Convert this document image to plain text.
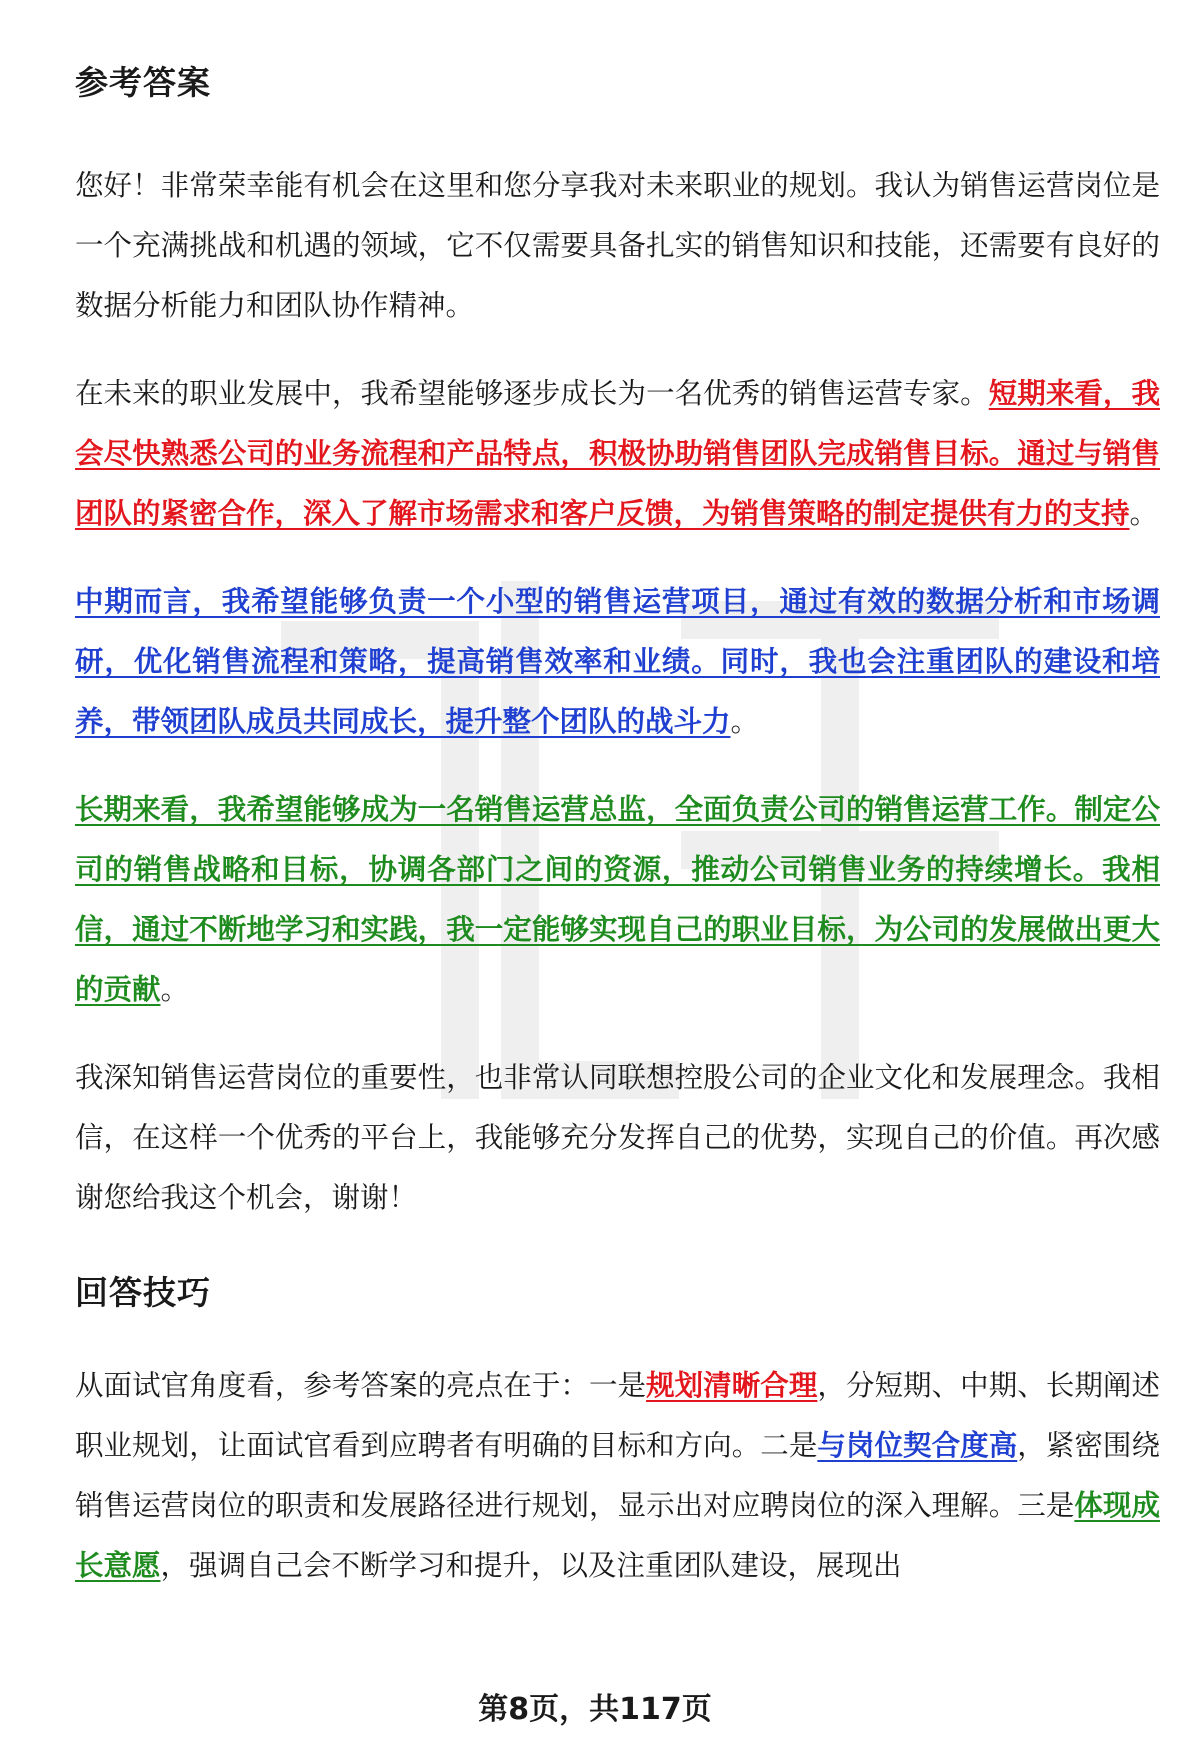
参考答案

您好！非常荣幸能有机会在这里和您分享我对未来职业的规划。我认为销售运营岗位是一个充满挑战和机遇的领域，它不仅需要具备扎实的销售知识和技能，还需要有良好的数据分析能力和团队协作精神。

在未来的职业发展中，我希望能够逐步成长为一名优秀的销售运营专家。短期来看，我会尽快熟悉公司的业务流程和产品特点，积极协助销售团队完成销售目标。通过与销售团队的紧密合作，深入了解市场需求和客户反馈，为销售策略的制定提供有力的支持。

中期而言，我希望能够负责一个小型的销售运营项目，通过有效的数据分析和市场调研，优化销售流程和策略，提高销售效率和业绩。同时，我也会注重团队的建设和培养，带领团队成员共同成长，提升整个团队的战斗力。

长期来看，我希望能够成为一名销售运营总监，全面负责公司的销售运营工作。制定公司的销售战略和目标，协调各部门之间的资源，推动公司销售业务的持续增长。我相信，通过不断地学习和实践，我一定能够实现自己的职业目标，为公司的发展做出更大的贡献。

我深知销售运营岗位的重要性，也非常认同联想控股公司的企业文化和发展理念。我相信，在这样一个优秀的平台上，我能够充分发挥自己的优势，实现自己的价值。再次感谢您给我这个机会，谢谢！

回答技巧

从面试官角度看，参考答案的亮点在于：一是规划清晰合理，分短期、中期、长期阐述职业规划，让面试官看到应聘者有明确的目标和方向。二是与岗位契合度高，紧密围绕销售运营岗位的职责和发展路径进行规划，显示出对应聘岗位的深入理解。三是体现成长意愿，强调自己会不断学习和提升，以及注重团队建设，展现出

第8页，共117页
